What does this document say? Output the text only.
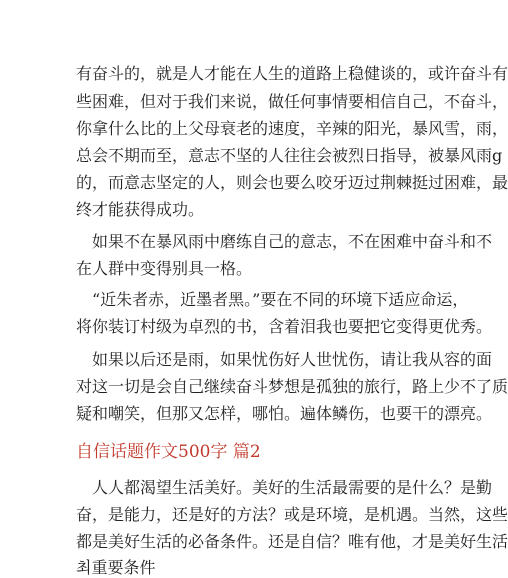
有奋斗的，就是人才能在人生的道路上稳健谈的，或许奋斗有
些困难，但对于我们来说，做任何事情要相信自己，不奋斗，
你拿什么比的上父母衰老的速度，辛辣的阳光，暴风雪，雨，
总会不期而至，意志不坚的人往往会被烈日指导，被暴风雨g
的，而意志坚定的人，则会也要么咬牙迈过荆棘挺过困难，最
终才能获得成功。
　如果不在暴风雨中磨练自己的意志，不在困难中奋斗和不
在人群中变得别具一格。
　“近朱者赤，近墨者黑。”要在不同的环境下适应命运，
将你装订村级为卓烈的书，含着泪我也要把它变得更优秀。
　如果以后还是雨，如果忧伤好人世忧伤，请让我从容的面
对这一切是会自己继续奋斗梦想是孤独的旅行，路上少不了质
疑和嘲笑，但那又怎样，哪怕。遍体鳞伤，也要干的漂亮。
自信话题作文500字 篇2
　人人都渴望生活美好。美好的生活最需要的是什么？是勤
奋，是能力，还是好的方法？或是环境，是机遇。当然，这些
都是美好生活的必备条件。还是自信？唯有他，才是美好生活
최重要条件
